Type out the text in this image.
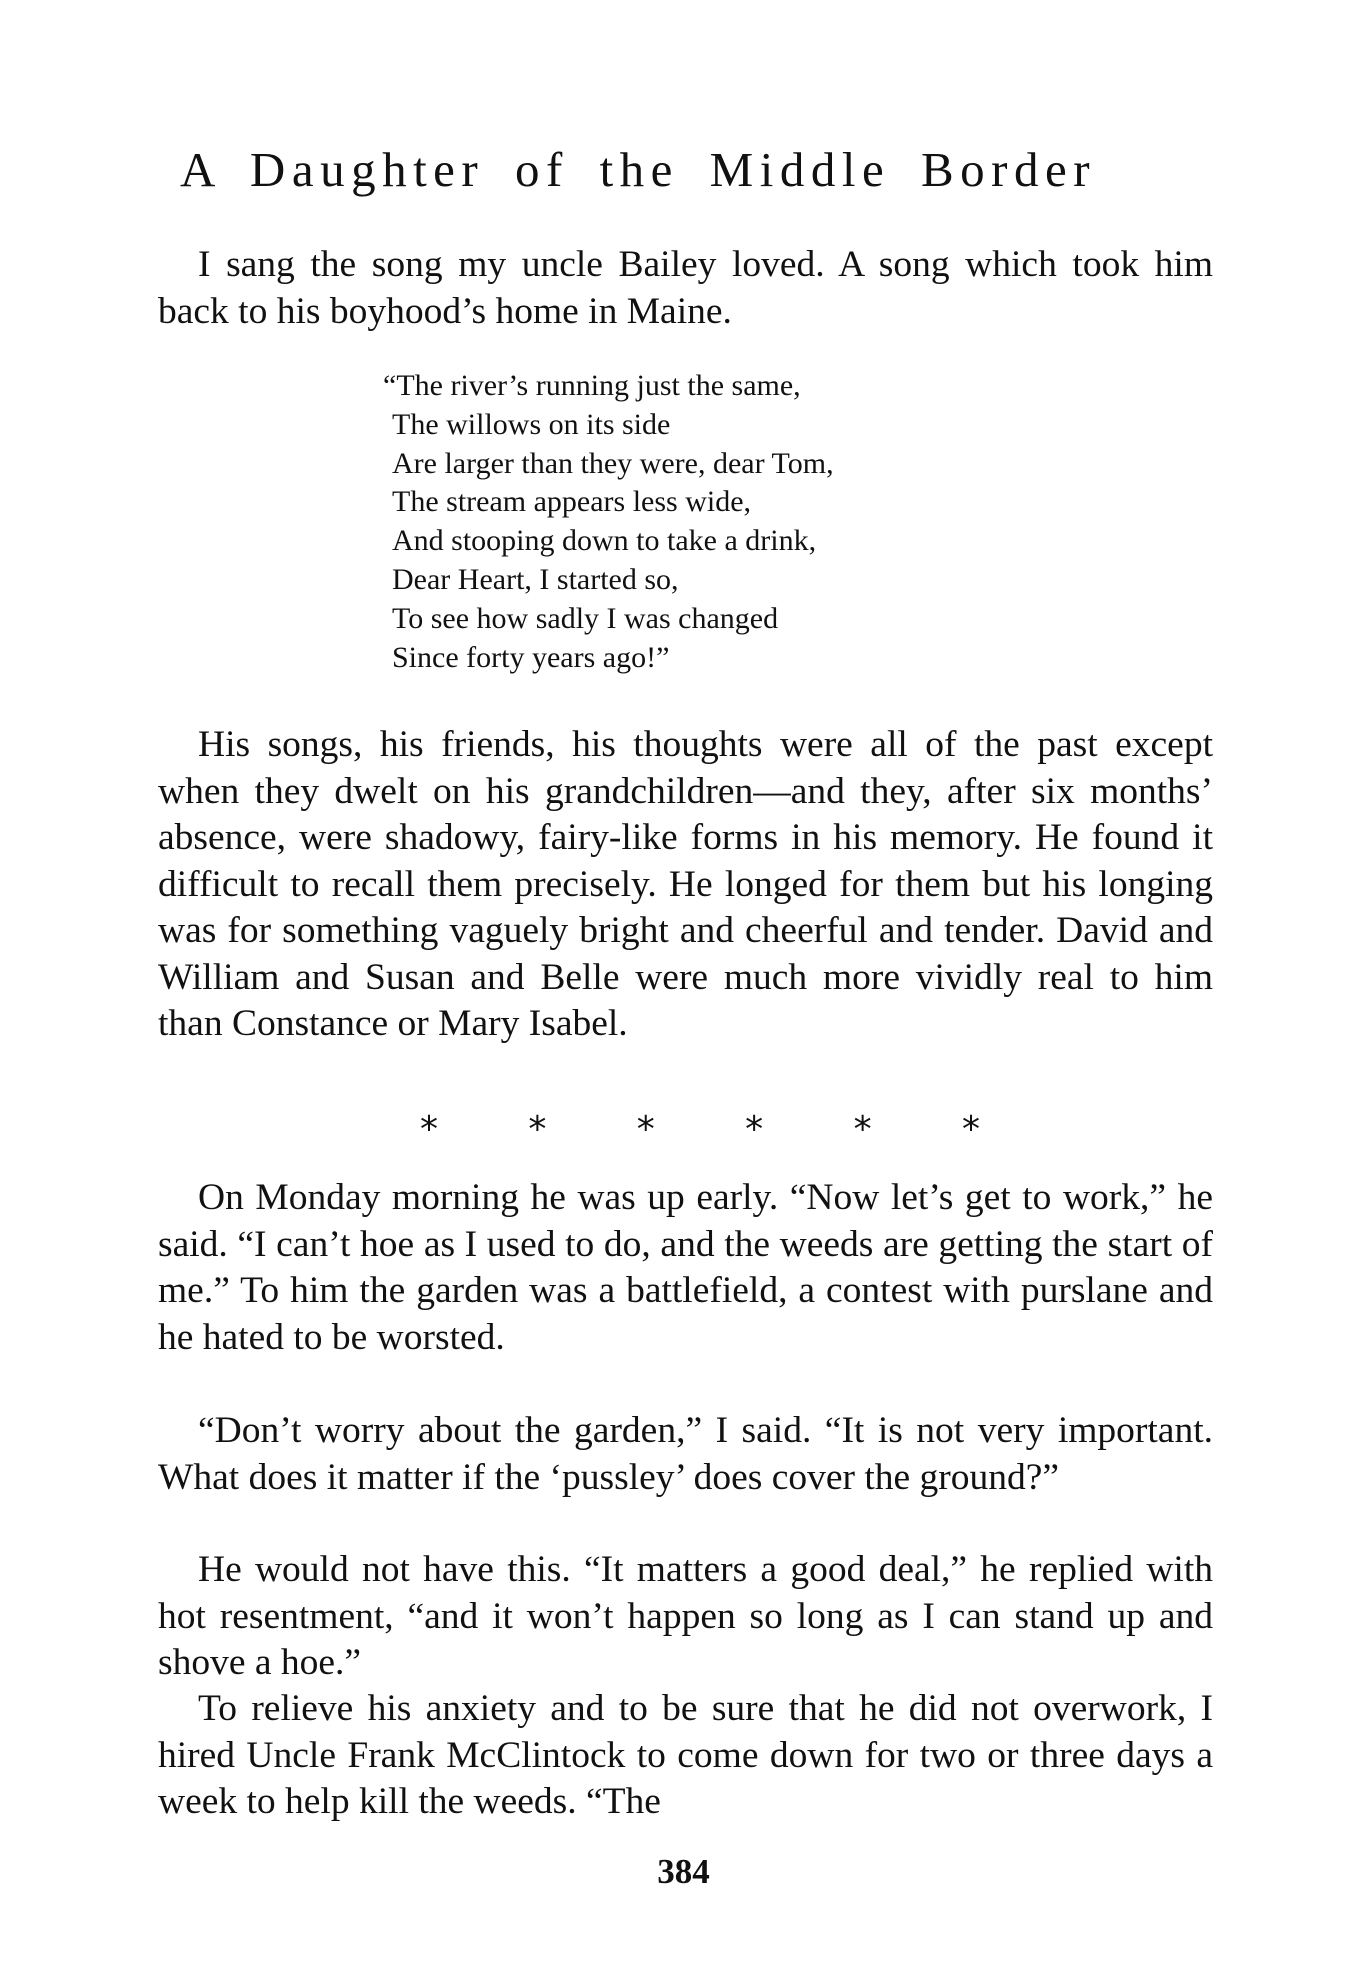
A Daughter of the Middle Border

I sang the song my uncle Bailey loved. A song which took him back to his boyhood’s home in Maine.

“The river’s running just the same,
The willows on its side
Are larger than they were, dear Tom,
The stream appears less wide,
And stooping down to take a drink,
Dear Heart, I started so,
To see how sadly I was changed
Since forty years ago!”

His songs, his friends, his thoughts were all of the past except when they dwelt on his grandchildren—and they, after six months’ absence, were shadowy, fairy-like forms in his memory. He found it difficult to recall them precisely. He longed for them but his longing was for something vaguely bright and cheerful and tender. David and William and Susan and Belle were much more vividly real to him than Constance or Mary Isabel.

*	*	*	*	*	*

On Monday morning he was up early. “Now let’s get to work,” he said. “I can’t hoe as I used to do, and the weeds are getting the start of me.” To him the garden was a battlefield, a contest with purslane and he hated to be worsted.

“Don’t worry about the garden,” I said. “It is not very important. What does it matter if the ‘pussley’ does cover the ground?”

He would not have this. “It matters a good deal,” he replied with hot resentment, “and it won’t happen so long as I can stand up and shove a hoe.”

To relieve his anxiety and to be sure that he did not overwork, I hired Uncle Frank McClintock to come down for two or three days a week to help kill the weeds. “The

384
